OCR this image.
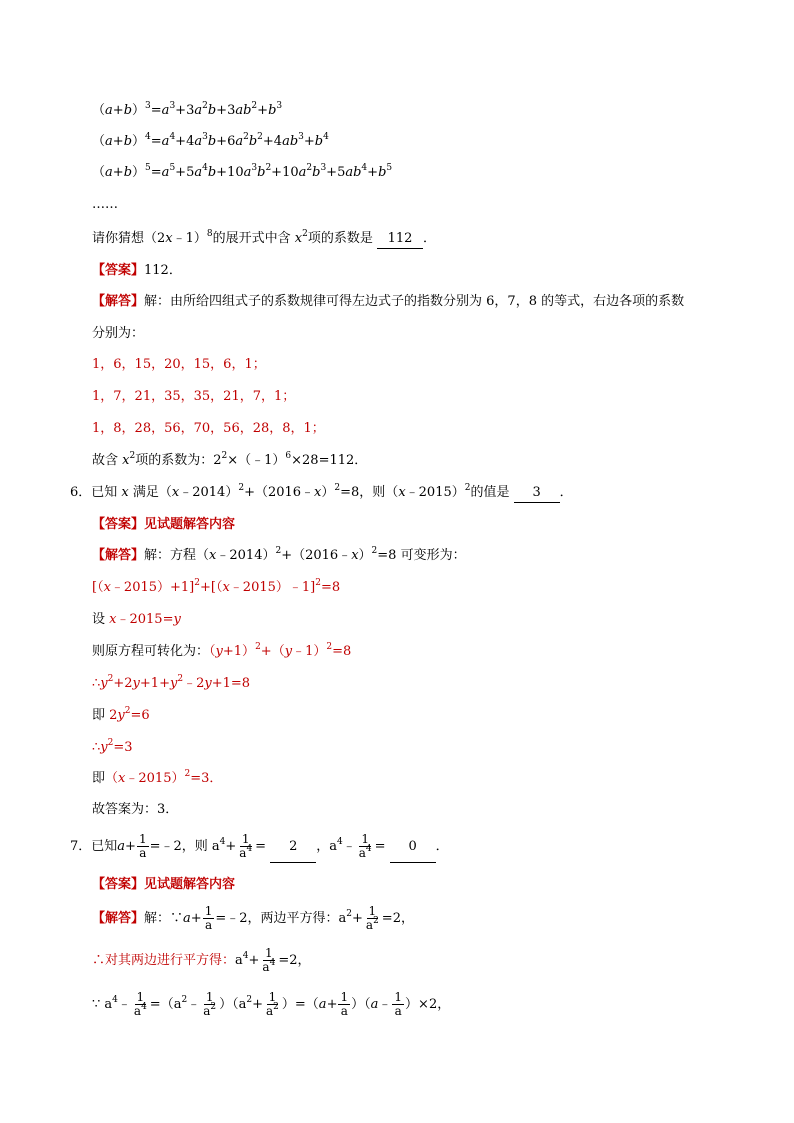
$(a+b)^3=a^3+3a^2b+3ab^2+b^3$
$(a+b)^4=a^4+4a^3b+6a^2b^2+4ab^3+b^4$
$(a+b)^5=a^5+5a^4b+10a^3b^2+10a^2b^3+5ab^4+b^5$
……
请你猜想（2x﹣1）$^8$的展开式中含 $x^2$项的系数是 112 ．
【答案】112．
【解答】解：由所给四组式子的系数规律可得左边式子的指数分别为 6，7，8 的等式，右边各项的系数
分别为：
1，6，15，20，15，6，1；
1，7，21，35，35，21，7，1；
1，8，28，56，70，56，28，8，1；
故含 $x^2$项的系数为：$2^2\times(﹣1)^6\times 28=112$．
6．已知 x 满足（x﹣2014）$^2$+（2016﹣x）$^2$=8，则（x﹣2015）$^2$的值是 3 ．
【答案】见试题解答内容
【解答】解：方程（x﹣2014）$^2$+（2016﹣x）$^2$=8 可变形为：
[（x﹣2015）+1]$^2$+[（x﹣2015）﹣1]$^2$=8
设 x﹣2015=y
则原方程可转化为：$(y+1)^2+(y﹣1)^2=8$
$\therefore y^2+2y+1+y^2﹣2y+1=8$
即 $2y^2=6$
$\therefore y^2=3$
即（x﹣2015）$^2$=3．
故答案为：3．
7．已知$a+ \frac{1}{a}$ =﹣2，则 $a^4+ \frac{1}{a^4} = 2$ ，$a^4﹣ \frac{1}{a^4} = 0$ ．
【答案】见试题解答内容
【解答】解：∵a+ $\frac{1}{a}$ =﹣2，两边平方得：$a^2+ \frac{1}{a^2} =2$，
∴对其两边进行平方得：$a^4+ \frac{1}{a^4} =2$，
∵ $a^4﹣ \frac{1}{a^4}$ $=(a^2﹣ \frac{1}{a^2} )(a^2+ \frac{1}{a^2} )=(a+ \frac{1}{a}$ ）（a﹣ $\frac{1}{a} )\times 2$，
